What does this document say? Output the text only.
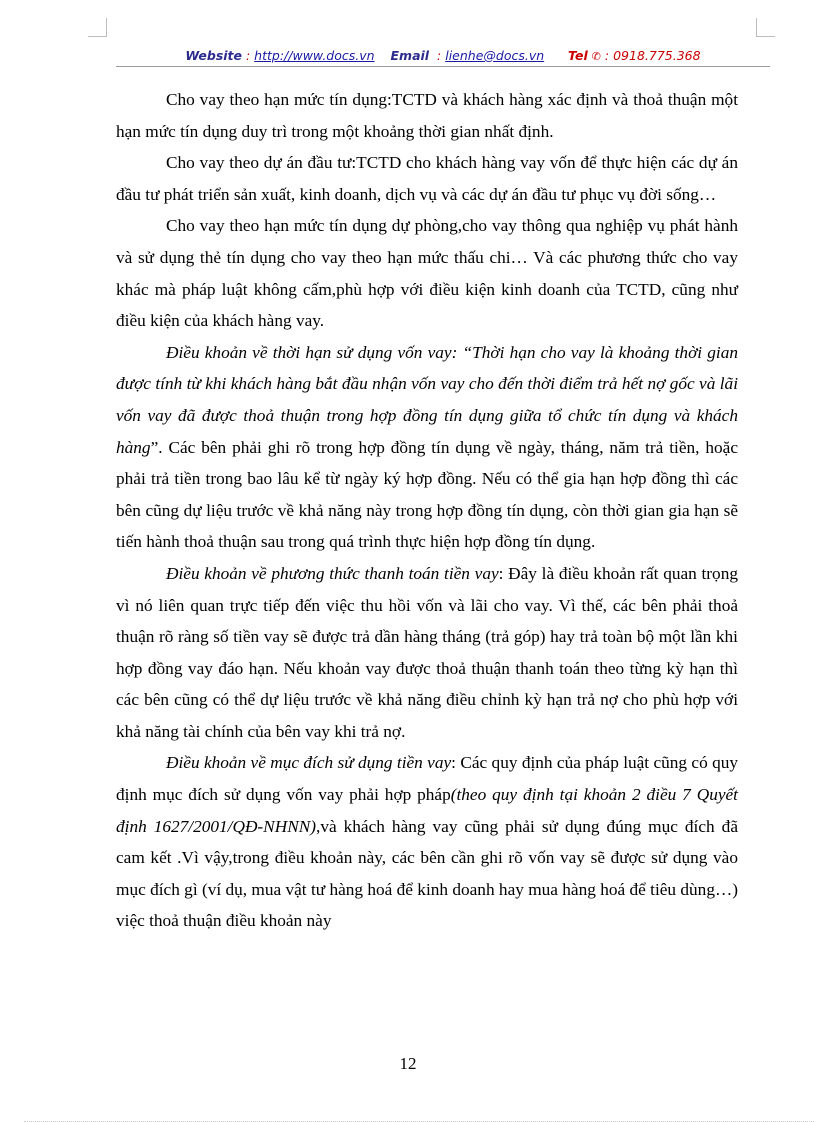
Website : http://www.docs.vn Email  : lienhe@docs.vn Tel ✆ : 0918.775.368

Cho vay theo hạn mức tín dụng:TCTD và khách hàng xác định và thoả thuận một hạn mức tín dụng duy trì trong một khoảng thời gian nhất định.

Cho vay theo dự án đầu tư:TCTD cho khách hàng vay vốn để thực hiện các dự án đầu tư phát triển sản xuất, kinh doanh, dịch vụ và các dự án đầu tư phục vụ đời sống…

Cho vay theo hạn mức tín dụng dự phòng,cho vay thông qua nghiệp vụ phát hành và sử dụng thẻ tín dụng cho vay theo hạn mức thấu chi… Và các phương thức cho vay khác mà pháp luật không cấm,phù hợp với điều kiện kinh doanh của TCTD, cũng như điều kiện của khách hàng vay.

Điều khoản về thời hạn sử dụng vốn vay: “Thời hạn cho vay là khoảng thời gian được tính từ khi khách hàng bắt đầu nhận vốn vay cho đến thời điểm trả hết nợ gốc và lãi vốn vay đã được thoả thuận trong hợp đồng tín dụng giữa tổ chức tín dụng và khách hàng”. Các bên phải ghi rõ trong hợp đồng tín dụng về ngày, tháng, năm trả tiền, hoặc phải trả tiền trong bao lâu kể từ ngày ký hợp đồng. Nếu có thể gia hạn hợp đồng thì các bên cũng dự liệu trước về khả năng này trong hợp đồng tín dụng, còn thời gian gia hạn sẽ tiến hành thoả thuận sau trong quá trình thực hiện hợp đồng tín dụng.

Điều khoản về phương thức thanh toán tiền vay: Đây là điều khoản rất quan trọng vì nó liên quan trực tiếp đến việc thu hồi vốn và lãi cho vay. Vì thế, các bên phải thoả thuận rõ ràng số tiền vay sẽ được trả dần hàng tháng (trả góp) hay trả toàn bộ một lần khi hợp đồng vay đáo hạn. Nếu khoản vay được thoả thuận thanh toán theo từng kỳ hạn thì các bên cũng có thể dự liệu trước về khả năng điều chỉnh kỳ hạn trả nợ cho phù hợp với khả năng tài chính của bên vay khi trả nợ.

Điều khoản về mục đích sử dụng tiền vay: Các quy định của pháp luật cũng có quy định mục đích sử dụng vốn vay phải hợp pháp(theo quy định tại khoản 2 điều 7 Quyết định 1627/2001/QĐ-NHNN),và khách hàng vay cũng phải sử dụng đúng mục đích đã cam kết .Vì vậy,trong điều khoản này, các bên cần ghi rõ vốn vay sẽ được sử dụng vào mục đích gì (ví dụ, mua vật tư hàng hoá để kinh doanh hay mua hàng hoá để tiêu dùng…) việc thoả thuận điều khoản này

12
